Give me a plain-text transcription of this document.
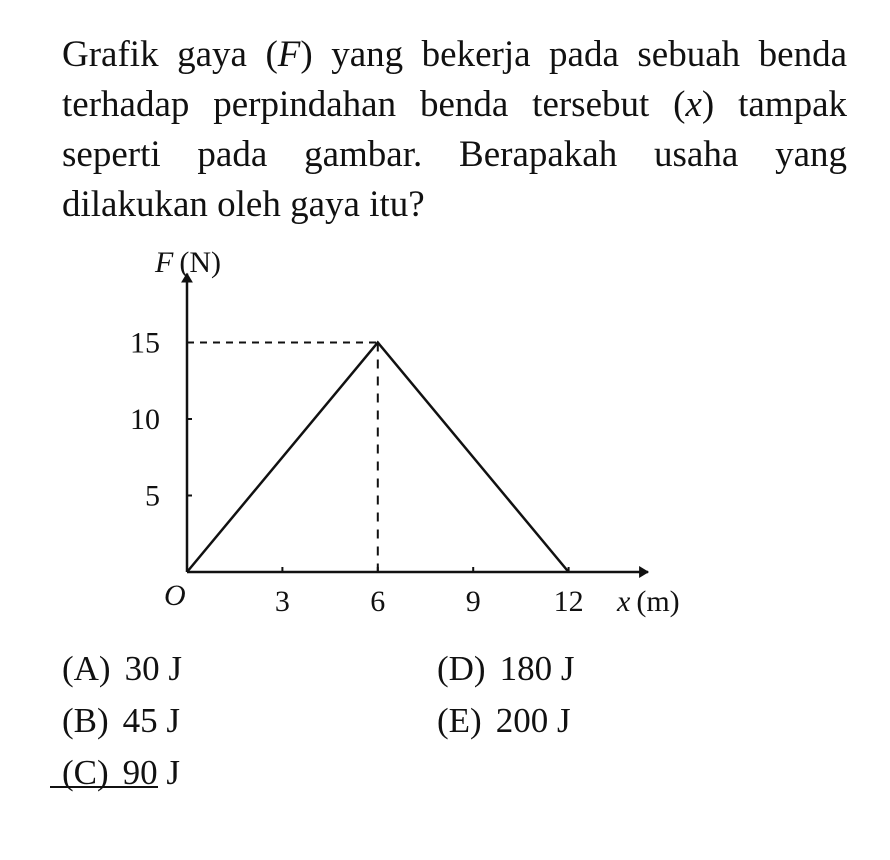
Grafik gaya (F) yang bekerja pada sebuah benda terhadap perpindahan benda tersebut (x) tampak seperti pada gambar. Berapakah usaha yang dilakukan oleh gaya itu?
3	6	9 12
5
10
15
F (N)
x (m)
O
(A) 30 J
(B) 45 J
(C) 90 J
(D) 180 J
(E) 200 J
